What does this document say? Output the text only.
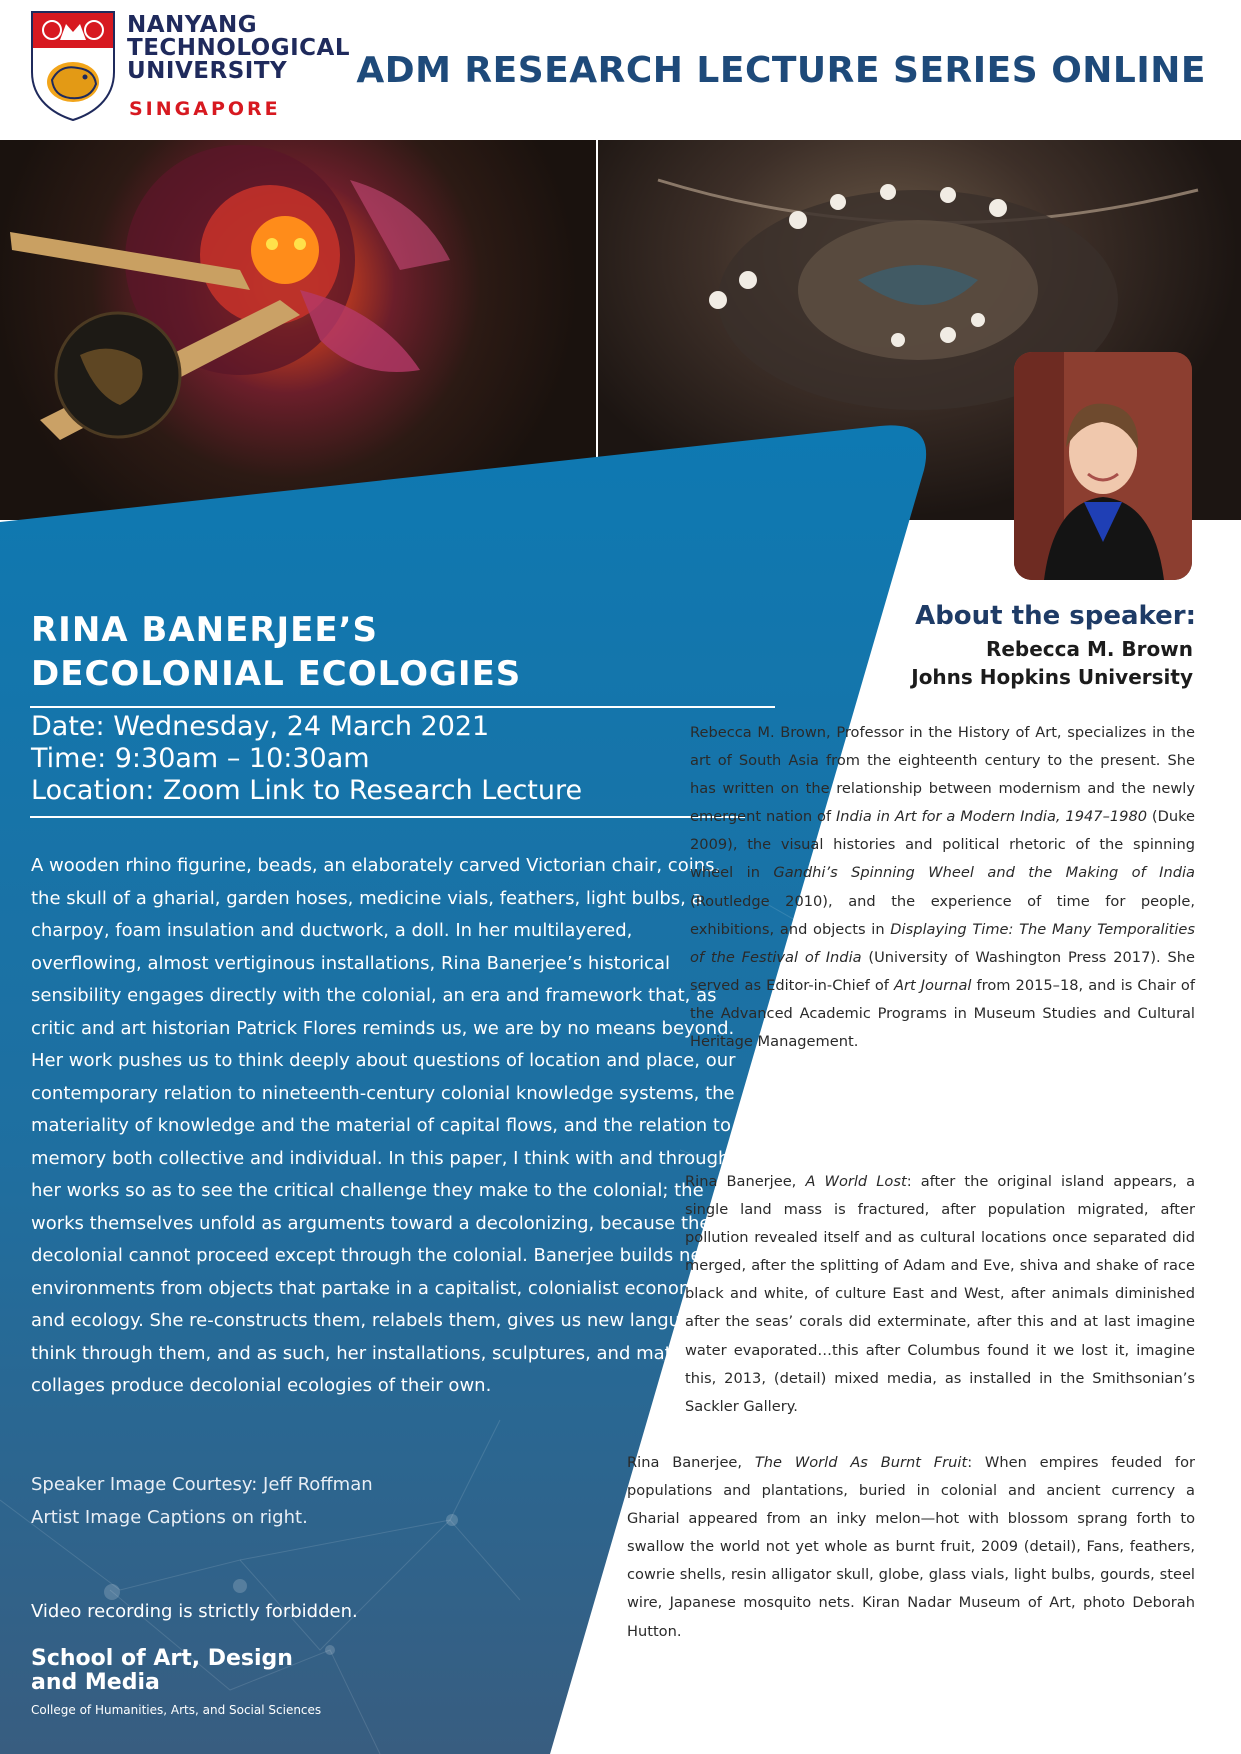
NANYANG
TECHNOLOGICAL
UNIVERSITY
SINGAPORE
ADM RESEARCH LECTURE SERIES ONLINE
RINA BANERJEE’S
DECOLONIAL ECOLOGIES
Date: Wednesday, 24 March 2021
Time: 9:30am – 10:30am
Location: Zoom Link to Research Lecture

A wooden rhino figurine, beads, an elaborately carved Victorian chair, coins, the skull of a gharial, garden hoses, medicine vials, feathers, light bulbs, a charpoy, foam insulation and ductwork, a doll. In her multilayered, overflowing, almost vertiginous installations, Rina Banerjee’s historical sensibility engages directly with the colonial, an era and framework that, as critic and art historian Patrick Flores reminds us, we are by no means beyond. Her work pushes us to think deeply about questions of location and place, our contemporary relation to nineteenth-century colonial knowledge systems, the materiality of knowledge and the material of capital flows, and the relation to memory both collective and individual. In this paper, I think with and through her works so as to see the critical challenge they make to the colonial; the works themselves unfold as arguments toward a decolonizing, because the decolonial cannot proceed except through the colonial. Banerjee builds new environments from objects that partake in a capitalist, colonialist economy and ecology. She re-constructs them, relabels them, gives us new language to think through them, and as such, her installations, sculptures, and material collages produce decolonial ecologies of their own.

Speaker Image Courtesy: Jeff Roffman
Artist Image Captions on right.
Video recording is strictly forbidden.
School of Art, Design
and Media
College of Humanities, Arts, and Social Sciences
About the speaker:
Rebecca M. Brown
Johns Hopkins University

Rebecca M. Brown, Professor in the History of Art, specializes in the art of South Asia from the eighteenth century to the present. She has written on the relationship between modernism and the newly emergent nation of India in Art for a Modern India, 1947–1980 (Duke 2009), the visual histories and political rhetoric of the spinning wheel in Gandhi’s Spinning Wheel and the Making of India (Routledge 2010), and the experience of time for people, exhibitions, and objects in Displaying Time: The Many Temporalities of the Festival of India (University of Washington Press 2017). She served as Editor-in-Chief of Art Journal from 2015–18, and is Chair of the Advanced Academic Programs in Museum Studies and Cultural Heritage Management.

Rina Banerjee, A World Lost: after the original island appears, a single land mass is fractured, after population migrated, after pollution revealed itself and as cultural locations once separated did merged, after the splitting of Adam and Eve, shiva and shake of race black and white, of culture East and West, after animals diminished after the seas’ corals did exterminate, after this and at last imagine water evaporated…this after Columbus found it we lost it, imagine this, 2013, (detail) mixed media, as installed in the Smithsonian’s Sackler Gallery.

Rina Banerjee, The World As Burnt Fruit: When empires feuded for populations and plantations, buried in colonial and ancient currency a Gharial appeared from an inky melon—hot with blossom sprang forth to swallow the world not yet whole as burnt fruit, 2009 (detail), Fans, feathers, cowrie shells, resin alligator skull, globe, glass vials, light bulbs, gourds, steel wire, Japanese mosquito nets. Kiran Nadar Museum of Art, photo Deborah Hutton.
